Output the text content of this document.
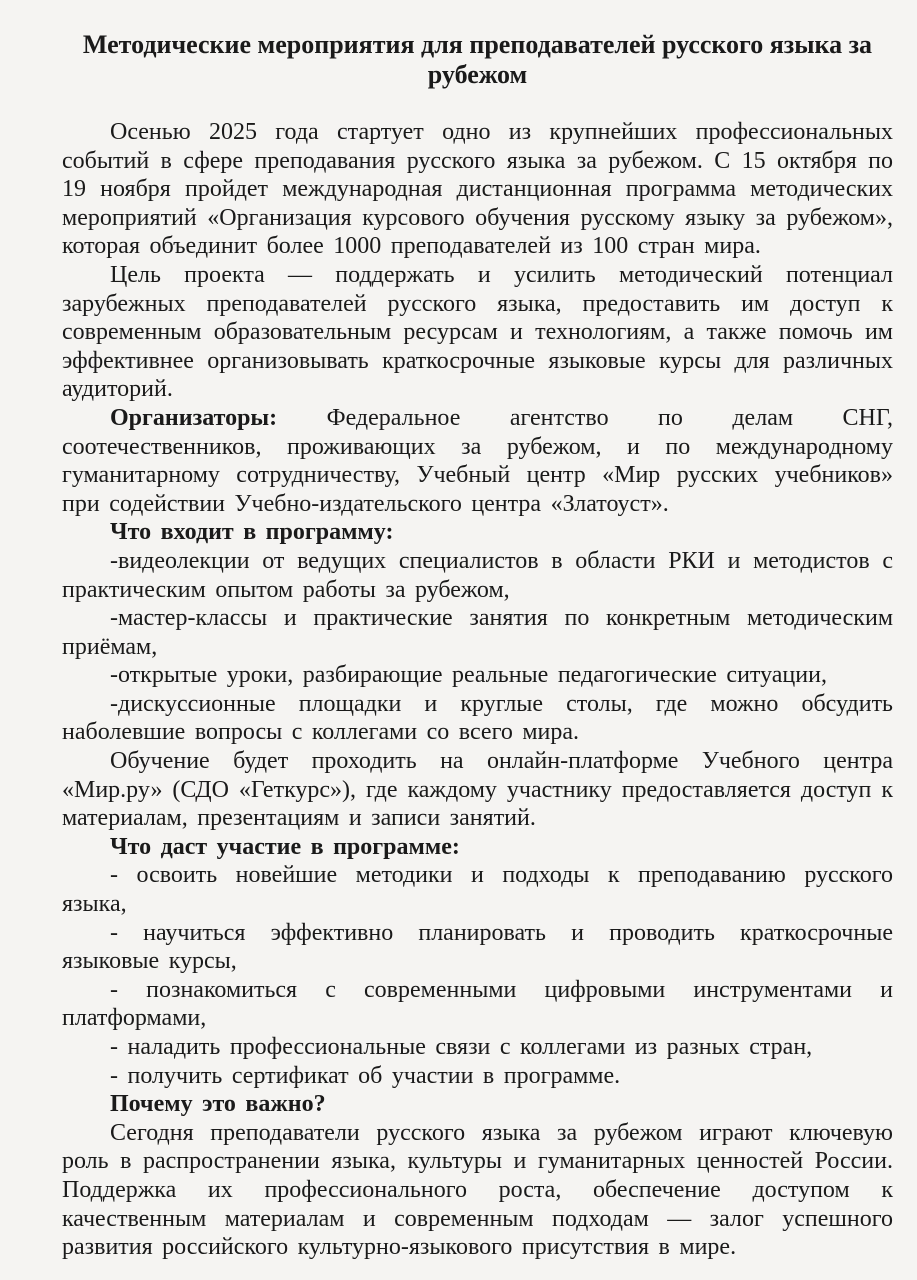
Методические мероприятия для преподавателей русского языка за
рубежом

Осенью 2025 года стартует одно из крупнейших профессиональных событий в сфере преподавания русского языка за рубежом. С 15 октября по 19 ноября пройдет международная дистанционная программа методических мероприятий «Организация курсового обучения русскому языку за рубежом», которая объединит более 1000 преподавателей из 100 стран мира.

Цель проекта — поддержать и усилить методический потенциал зарубежных преподавателей русского языка, предоставить им доступ к современным образовательным ресурсам и технологиям, а также помочь им эффективнее организовывать краткосрочные языковые курсы для различных аудиторий.

Организаторы: Федеральное агентство по делам СНГ, соотечественников, проживающих за рубежом, и по международному гуманитарному сотрудничеству, Учебный центр «Мир русских учебников» при содействии Учебно-издательского центра «Златоуст».

Что входит в программу:

-видеолекции от ведущих специалистов в области РКИ и методистов с практическим опытом работы за рубежом,

-мастер-классы и практические занятия по конкретным методическим приёмам,

-открытые уроки, разбирающие реальные педагогические ситуации,

-дискуссионные площадки и круглые столы, где можно обсудить наболевшие вопросы с коллегами со всего мира.

Обучение будет проходить на онлайн-платформе Учебного центра «Мир.ру» (СДО «Геткурс»), где каждому участнику предоставляется доступ к материалам, презентациям и записи занятий.

Что даст участие в программе:

- освоить новейшие методики и подходы к преподаванию русского языка,

- научиться эффективно планировать и проводить краткосрочные языковые курсы,

- познакомиться с современными цифровыми инструментами и платформами,

- наладить профессиональные связи с коллегами из разных стран,

- получить сертификат об участии в программе.

Почему это важно?

Сегодня преподаватели русского языка за рубежом играют ключевую роль в распространении языка, культуры и гуманитарных ценностей России. Поддержка их профессионального роста, обеспечение доступом к качественным материалам и современным подходам — залог успешного развития российского культурно-языкового присутствия в мире.
